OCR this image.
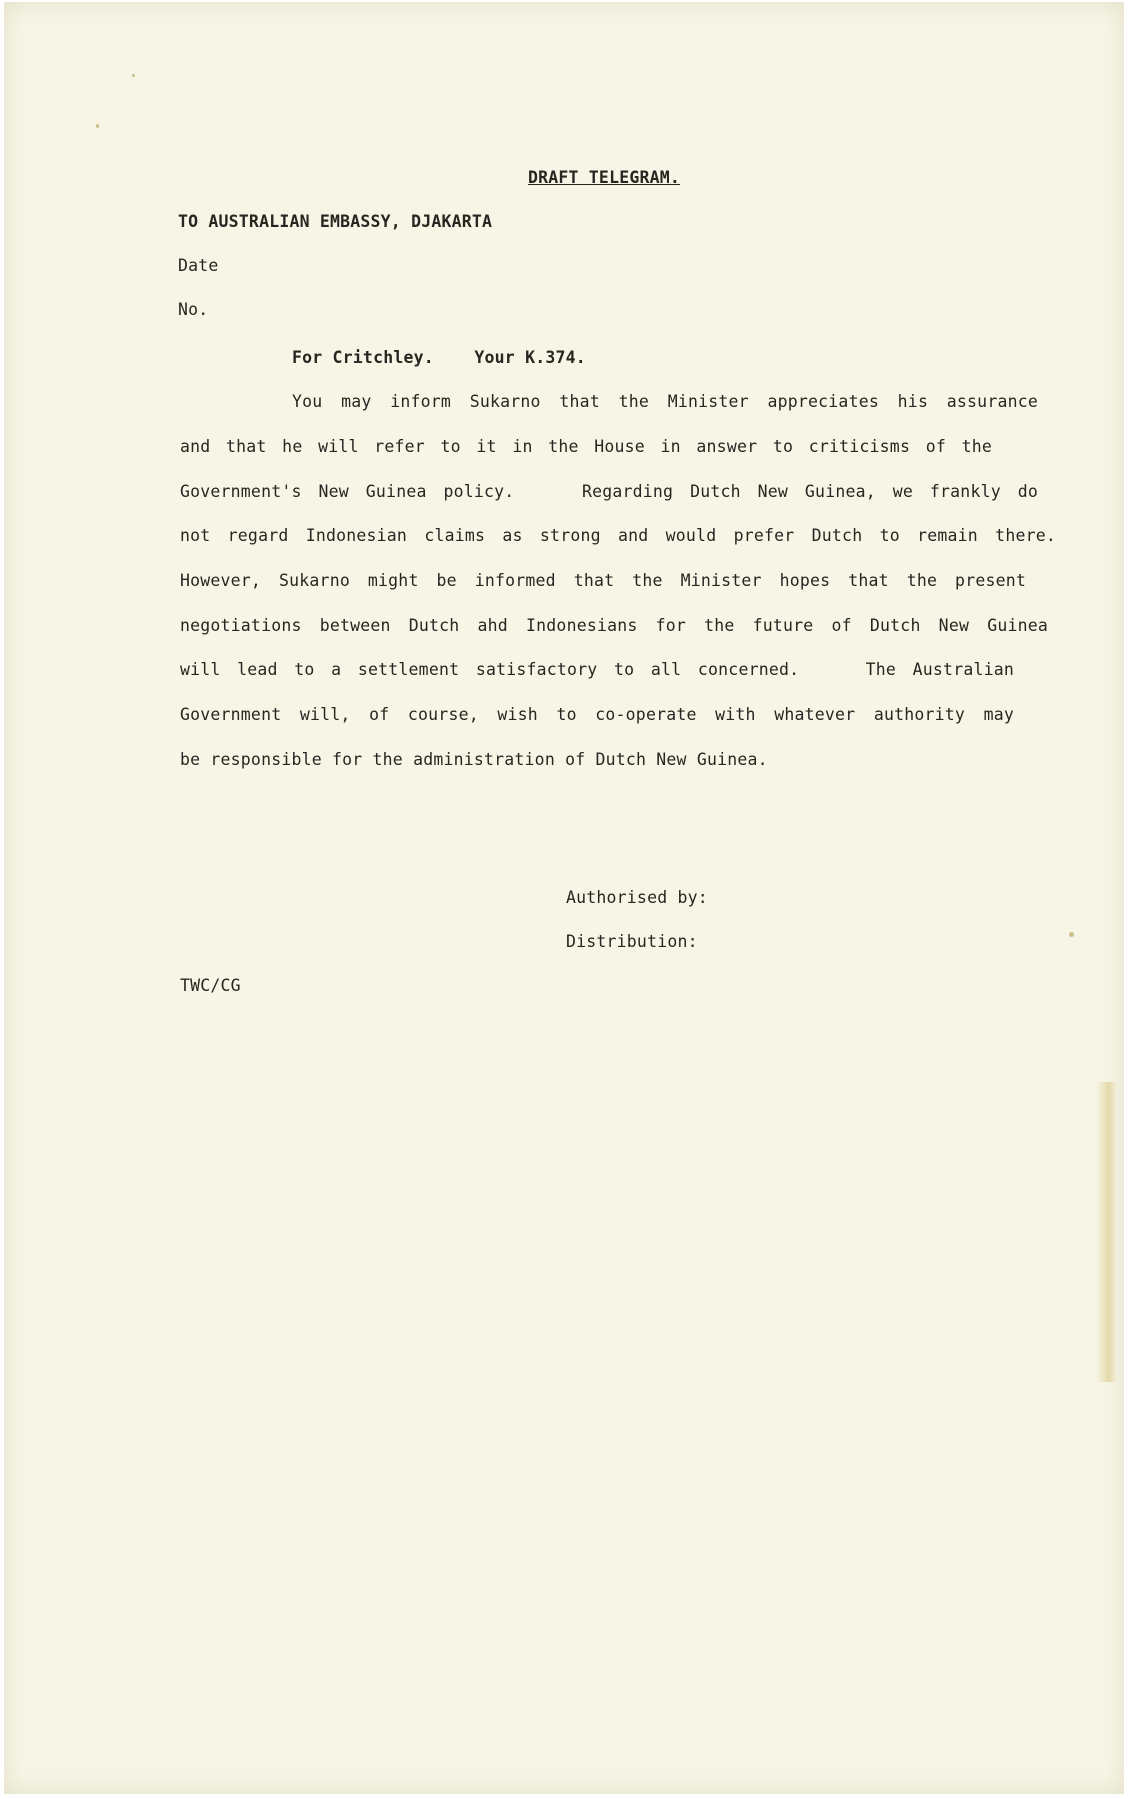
DRAFT TELEGRAM.
TO AUSTRALIAN EMBASSY, DJAKARTA
Date
No.
For Critchley.    Your K.374.
You may inform Sukarno that the Minister appreciates his assurance
and that he will refer to it in the House in answer to criticisms of the
Government's New Guinea policy.    Regarding Dutch New Guinea, we frankly do
not regard Indonesian claims as strong and would prefer Dutch to remain there.
However, Sukarno might be informed that the Minister hopes that the present
negotiations between Dutch ahd Indonesians for the future of Dutch New Guinea
will lead to a settlement satisfactory to all concerned.    The Australian
Government will, of course, wish to co-operate with whatever authority may
be responsible for the administration of Dutch New Guinea.
Authorised by:
Distribution:
TWC/CG
